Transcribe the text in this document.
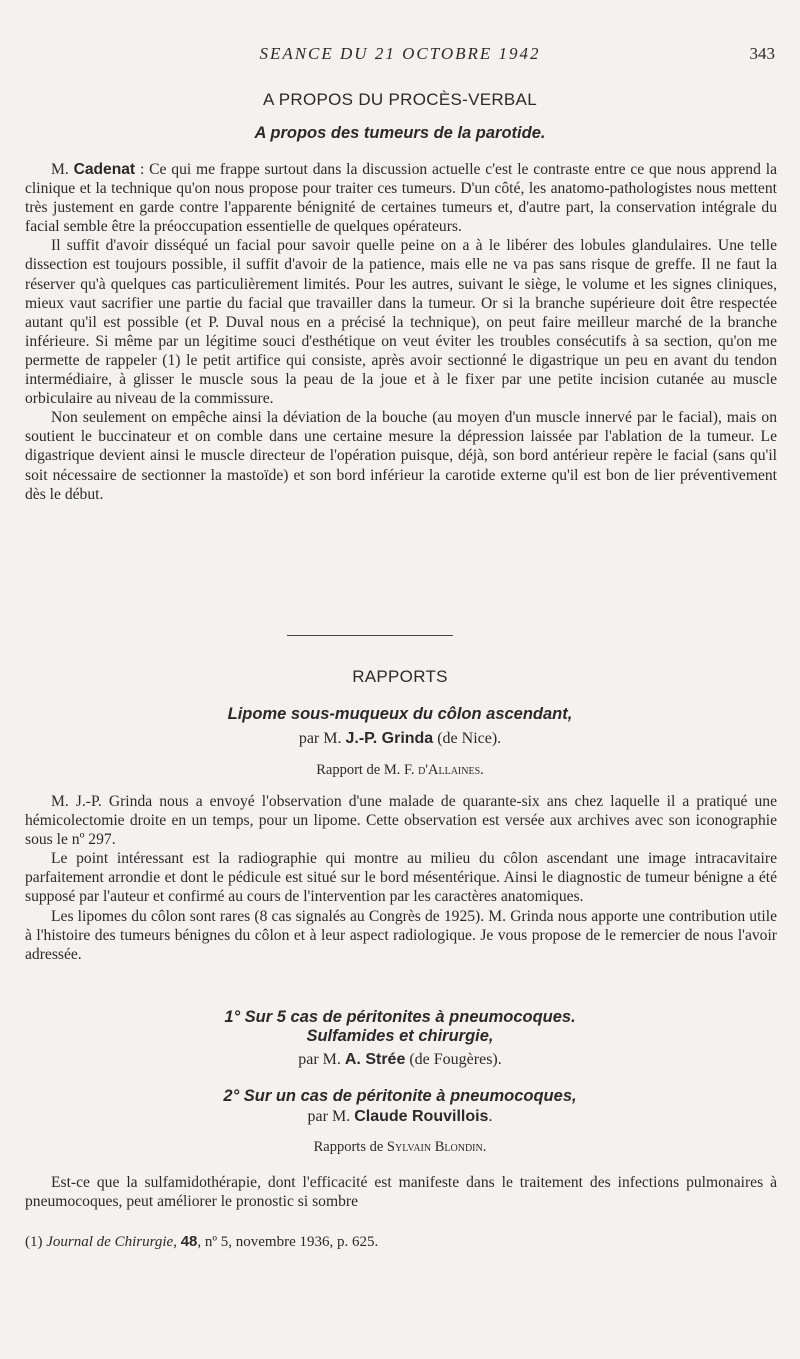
SEANCE DU 21 OCTOBRE 1942	343
A PROPOS DU PROCÈS-VERBAL
A propos des tumeurs de la parotide.

M. Cadenat : Ce qui me frappe surtout dans la discussion actuelle c'est le contraste entre ce que nous apprend la clinique et la technique qu'on nous propose pour traiter ces tumeurs. D'un côté, les anatomo-pathologistes nous mettent très justement en garde contre l'apparente bénignité de certaines tumeurs et, d'autre part, la conservation intégrale du facial semble être la préoccupation essentielle de quelques opérateurs.

Il suffit d'avoir disséqué un facial pour savoir quelle peine on a à le libérer des lobules glandulaires. Une telle dissection est toujours possible, il suffit d'avoir de la patience, mais elle ne va pas sans risque de greffe. Il ne faut la réserver qu'à quelques cas particulièrement limités. Pour les autres, suivant le siège, le volume et les signes cliniques, mieux vaut sacrifier une partie du facial que travailler dans la tumeur. Or si la branche supérieure doit être respectée autant qu'il est possible (et P. Duval nous en a précisé la technique), on peut faire meilleur marché de la branche inférieure. Si même par un légitime souci d'esthétique on veut éviter les troubles consécutifs à sa section, qu'on me permette de rappeler (1) le petit artifice qui consiste, après avoir sectionné le digastrique un peu en avant du tendon intermédiaire, à glisser le muscle sous la peau de la joue et à le fixer par une petite incision cutanée au muscle orbiculaire au niveau de la commissure.

Non seulement on empêche ainsi la déviation de la bouche (au moyen d'un muscle innervé par le facial), mais on soutient le buccinateur et on comble dans une certaine mesure la dépression laissée par l'ablation de la tumeur. Le digastrique devient ainsi le muscle directeur de l'opération puisque, déjà, son bord antérieur repère le facial (sans qu'il soit nécessaire de sectionner la mastoïde) et son bord inférieur la carotide externe qu'il est bon de lier préventivement dès le début.

RAPPORTS
Lipome sous-muqueux du côlon ascendant,
par M. J.-P. Grinda (de Nice).
Rapport de M. F. d'Allaines.

M. J.-P. Grinda nous a envoyé l'observation d'une malade de quarante-six ans chez laquelle il a pratiqué une hémicolectomie droite en un temps, pour un lipome. Cette observation est versée aux archives avec son iconographie sous le nº 297.

Le point intéressant est la radiographie qui montre au milieu du côlon ascendant une image intracavitaire parfaitement arrondie et dont le pédicule est situé sur le bord mésentérique. Ainsi le diagnostic de tumeur bénigne a été supposé par l'auteur et confirmé au cours de l'intervention par les caractères anatomiques.

Les lipomes du côlon sont rares (8 cas signalés au Congrès de 1925). M. Grinda nous apporte une contribution utile à l'histoire des tumeurs bénignes du côlon et à leur aspect radiologique. Je vous propose de le remercier de nous l'avoir adressée.

1° Sur 5 cas de péritonites à pneumocoques.
Sulfamides et chirurgie,
par M. A. Strée (de Fougères).
2° Sur un cas de péritonite à pneumocoques,
par M. Claude Rouvillois.
Rapports de Sylvain Blondin.

Est-ce que la sulfamidothérapie, dont l'efficacité est manifeste dans le traitement des infections pulmonaires à pneumocoques, peut améliorer le pronostic si sombre

(1) Journal de Chirurgie, 48, nº 5, novembre 1936, p. 625.
